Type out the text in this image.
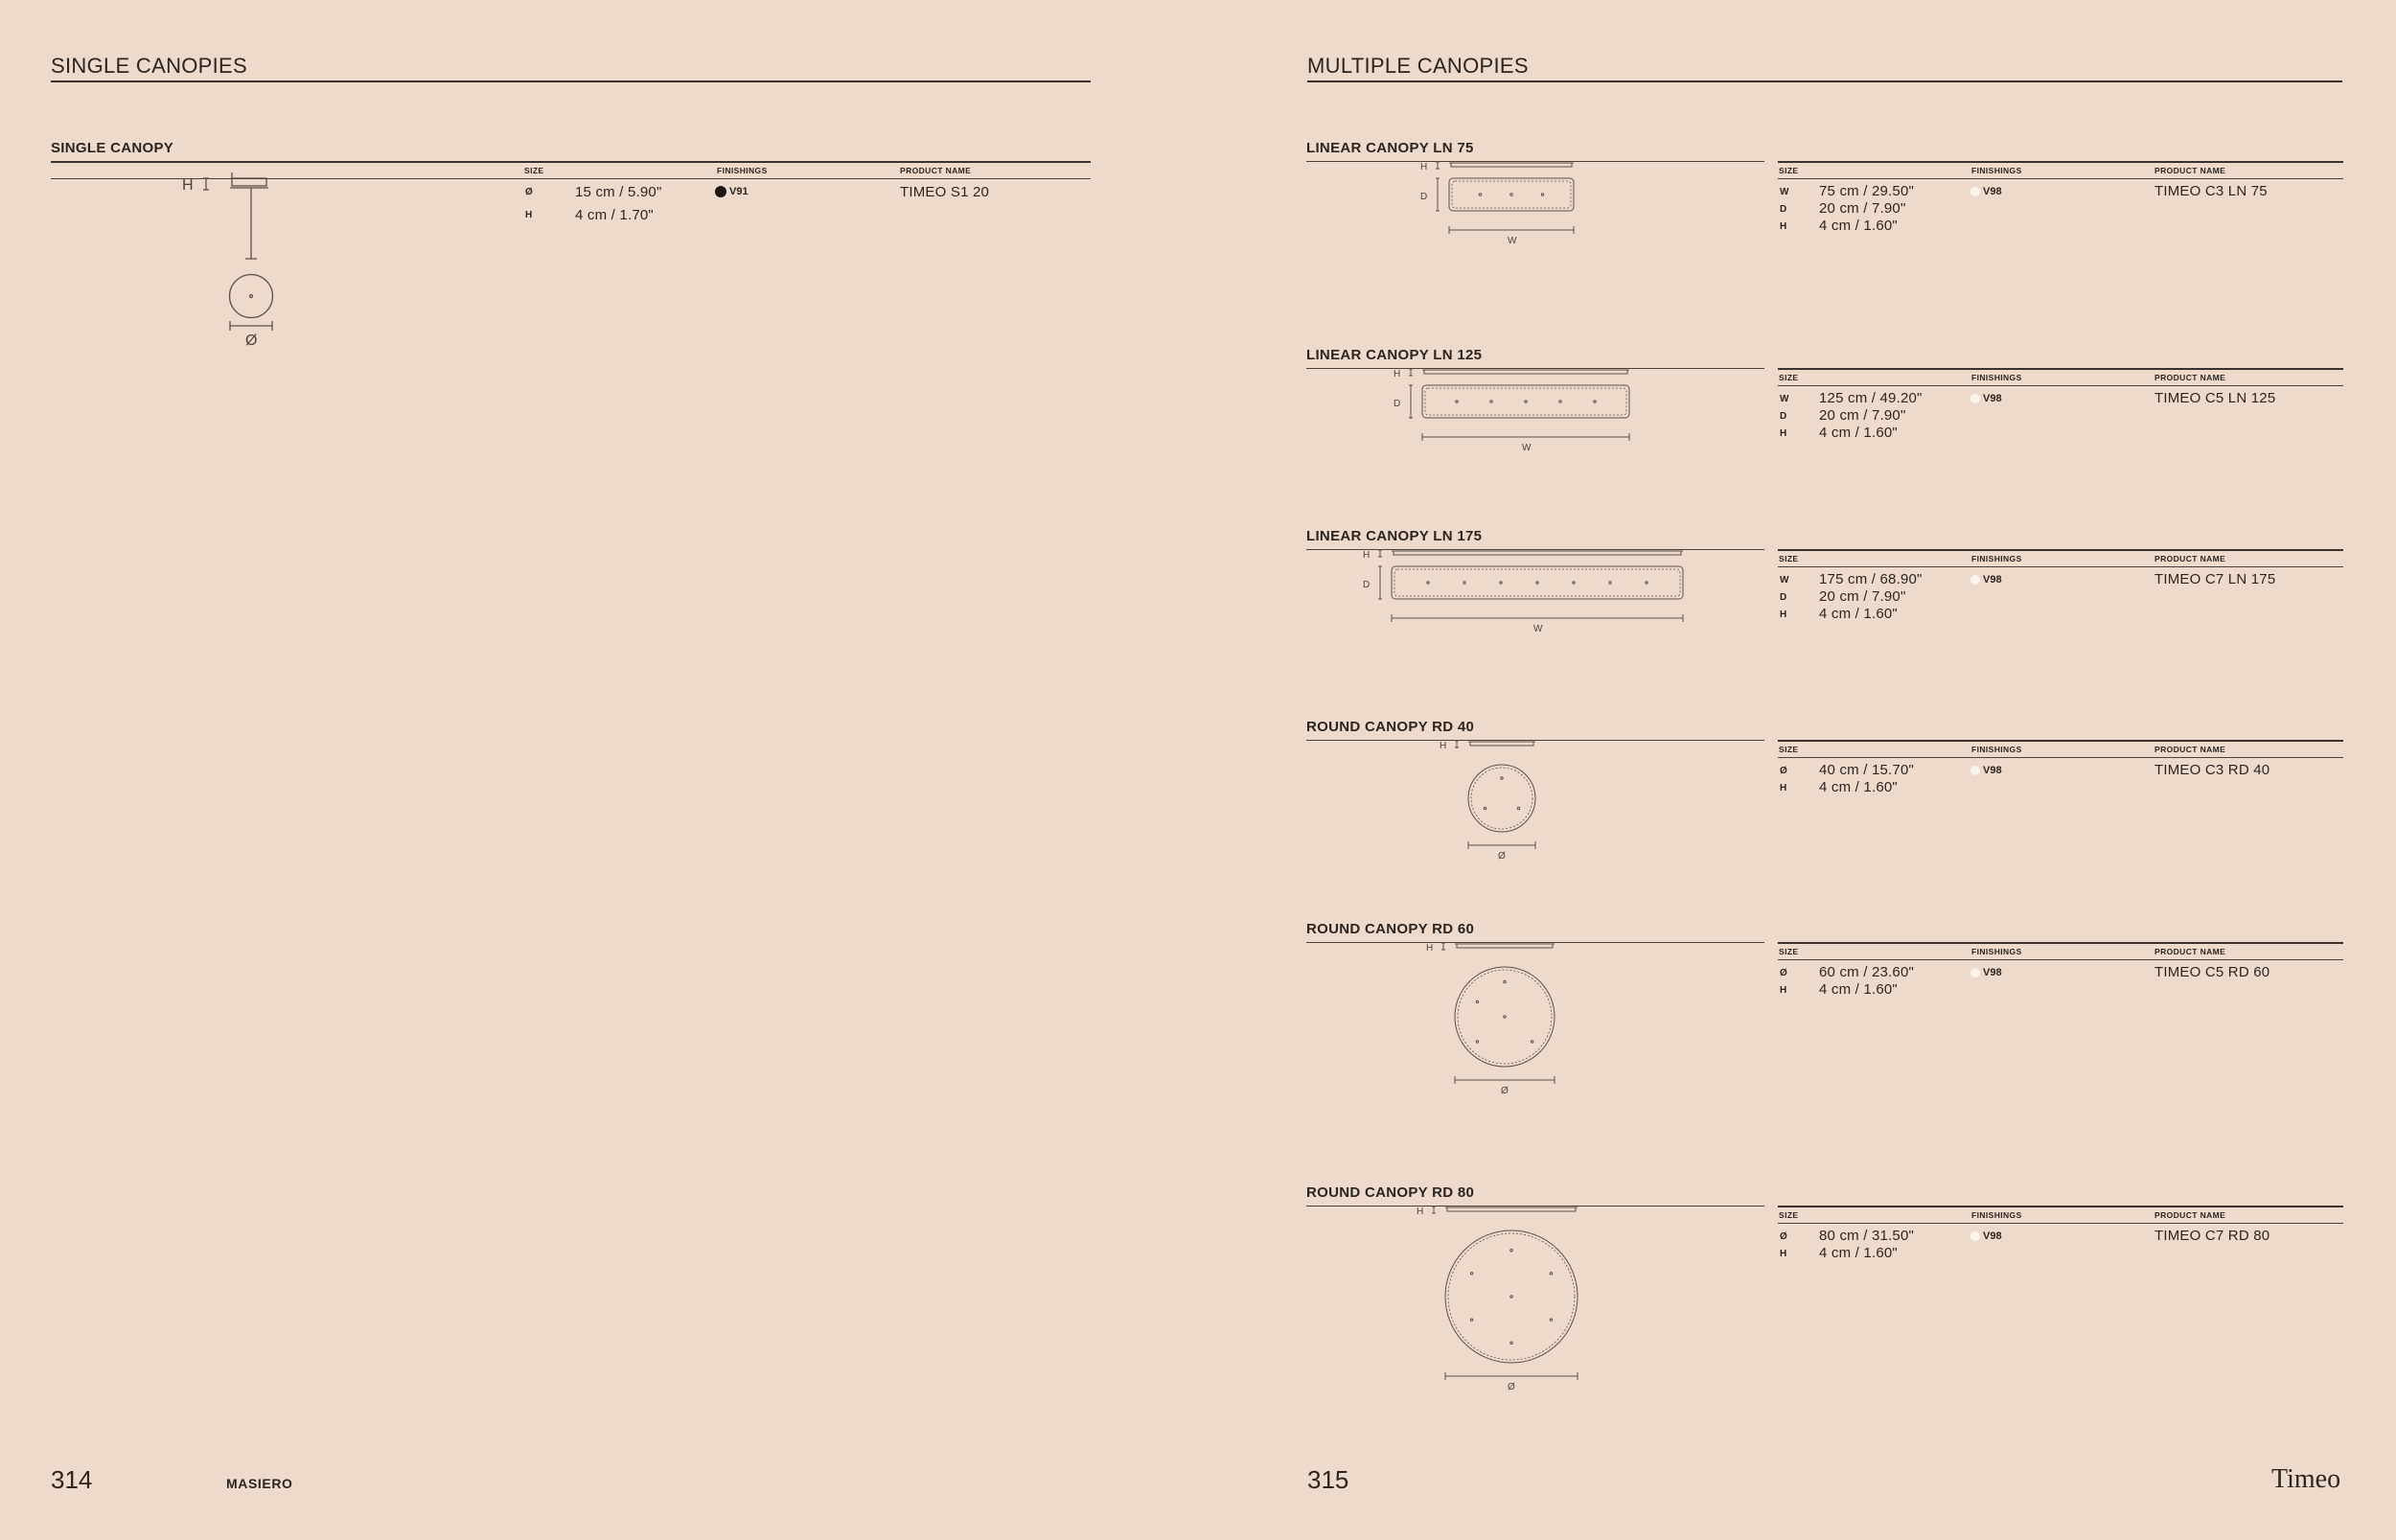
SINGLE CANOPIES
SINGLE CANOPY
SIZE	FINISHINGS	PRODUCT NAME
Ø	15 cm / 5.90"
H	4 cm / 1.70"
V91	TIMEO S1 20
H
Ø
314	MASIERO
MULTIPLE CANOPIES
LINEAR CANOPY LN 75
SIZE	FINISHINGS	PRODUCT NAME
W 75 cm / 29.50"
D 20 cm / 7.90"
H 4 cm / 1.60"
V98	TIMEO C3 LN 75
H
D
W
LINEAR CANOPY LN 125
SIZE	FINISHINGS	PRODUCT NAME
W 125 cm / 49.20"
D 20 cm / 7.90"
H 4 cm / 1.60"
V98	TIMEO C5 LN 125
H
D
W
LINEAR CANOPY LN 175
SIZE	FINISHINGS	PRODUCT NAME
W 175 cm / 68.90"
D 20 cm / 7.90"
H 4 cm / 1.60"
V98	TIMEO C7 LN 175
H
D
W
ROUND CANOPY RD 40
SIZE	FINISHINGS	PRODUCT NAME
Ø 40 cm / 15.70"
H 4 cm / 1.60"
V98	TIMEO C3 RD 40
H
Ø
ROUND CANOPY RD 60
SIZE	FINISHINGS	PRODUCT NAME
Ø 60 cm / 23.60"
H 4 cm / 1.60"
V98	TIMEO C5 RD 60
H
Ø
ROUND CANOPY RD 80
SIZE	FINISHINGS	PRODUCT NAME
Ø 80 cm / 31.50"
H 4 cm / 1.60"
V98	TIMEO C7 RD 80
H
Ø
315	Timeo
